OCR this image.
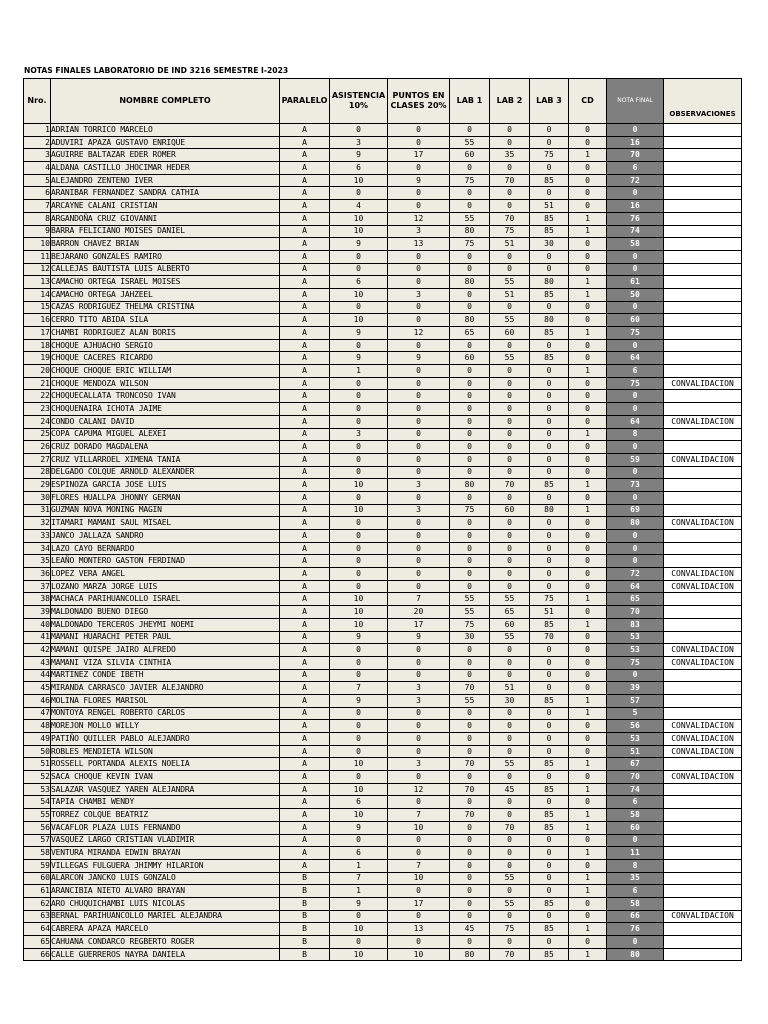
NOTAS FINALES LABORATORIO DE IND 3216 SEMESTRE I-2023
Nro.	NOMBRE COMPLETO	PARALELO	ASISTENCIA 10%	PUNTOS EN CLASES 20%	LAB 1	LAB 2	LAB 3	CD	NOTA FINAL	OBSERVACIONES
1	ADRIAN TORRICO MARCELO	A	0	0	0	0	0	0	0	
2	ADUVIRI APAZA GUSTAVO ENRIQUE	A	3	0	55	0	0	0	16	
3	AGUIRRE BALTAZAR EDER ROMER	A	9	17	60	35	75	1	70	
4	ALDANA CASTILLO JHOCIMAR HEDER	A	6	0	0	0	0	0	6	
5	ALEJANDRO ZENTENO IVER	A	10	9	75	70	85	0	72	
6	ARANIBAR FERNANDEZ SANDRA CATHIA	A	0	0	0	0	0	0	0	
7	ARCAYNE CALANI CRISTIAN	A	4	0	0	0	51	0	16	
8	ARGANDOÑA CRUZ GIOVANNI	A	10	12	55	70	85	1	76	
9	BARRA FELICIANO MOISES DANIEL	A	10	3	80	75	85	1	74	
10	BARRON CHAVEZ BRIAN	A	9	13	75	51	30	0	58	
11	BEJARANO GONZALES RAMIRO	A	0	0	0	0	0	0	0	
12	CALLEJAS BAUTISTA LUIS ALBERTO	A	0	0	0	0	0	0	0	
13	CAMACHO ORTEGA ISRAEL MOISES	A	6	0	80	55	80	1	61	
14	CAMACHO ORTEGA JAHZEEL	A	10	3	0	51	85	1	50	
15	CAZAS RODRIGUEZ THELMA CRISTINA	A	0	0	0	0	0	0	0	
16	CERRO TITO ABIDA SILA	A	10	0	80	55	80	0	60	
17	CHAMBI RODRIGUEZ ALAN BORIS	A	9	12	65	60	85	1	75	
18	CHOQUE AJHUACHO SERGIO	A	0	0	0	0	0	0	0	
19	CHOQUE CACERES RICARDO	A	9	9	60	55	85	0	64	
20	CHOQUE CHOQUE ERIC WILLIAM	A	1	0	0	0	0	1	6	
21	CHOQUE MENDOZA WILSON	A	0	0	0	0	0	0	75	CONVALIDACION
22	CHOQUECALLATA TRONCOSO IVAN	A	0	0	0	0	0	0	0	
23	CHOQUENAIRA ICHOTA JAIME	A	0	0	0	0	0	0	0	
24	CONDO CALANI DAVID	A	0	0	0	0	0	0	64	CONVALIDACION
25	COPA CAPUMA MIGUEL ALEXEI	A	3	0	0	0	0	1	8	
26	CRUZ DORADO MAGDALENA	A	0	0	0	0	0	0	0	
27	CRUZ VILLARROEL XIMENA TANIA	A	0	0	0	0	0	0	59	CONVALIDACION
28	DELGADO COLQUE ARNOLD ALEXANDER	A	0	0	0	0	0	0	0	
29	ESPINOZA GARCIA JOSE LUIS	A	10	3	80	70	85	1	73	
30	FLORES HUALLPA JHONNY GERMAN	A	0	0	0	0	0	0	0	
31	GUZMAN NOVA MONING MAGIN	A	10	3	75	60	80	1	69	
32	ITAMARI MAMANI SAUL MISAEL	A	0	0	0	0	0	0	80	CONVALIDACION
33	JANCO JALLAZA SANDRO	A	0	0	0	0	0	0	0	
34	LAZO CAYO BERNARDO	A	0	0	0	0	0	0	0	
35	LEAÑO MONTERO GASTON FERDINAD	A	0	0	0	0	0	0	0	
36	LOPEZ VERA ANGEL	A	0	0	0	0	0	0	72	CONVALIDACION
37	LOZANO MARZA JORGE LUIS	A	0	0	0	0	0	0	64	CONVALIDACION
38	MACHACA PARIHUANCOLLO ISRAEL	A	10	7	55	55	75	1	65	
39	MALDONADO BUENO DIEGO	A	10	20	55	65	51	0	70	
40	MALDONADO TERCEROS JHEYMI NOEMI	A	10	17	75	60	85	1	83	
41	MAMANI HUARACHI PETER PAUL	A	9	9	30	55	70	0	53	
42	MAMANI QUISPE JAIRO ALFREDO	A	0	0	0	0	0	0	53	CONVALIDACION
43	MAMANI VIZA SILVIA CINTHIA	A	0	0	0	0	0	0	75	CONVALIDACION
44	MARTINEZ CONDE IBETH	A	0	0	0	0	0	0	0	
45	MIRANDA CARRASCO JAVIER ALEJANDRO	A	7	3	70	51	0	0	39	
46	MOLINA FLORES MARISOL	A	9	3	55	30	85	1	57	
47	MONTOYA RENGEL ROBERTO CARLOS	A	0	0	0	0	0	1	5	
48	MOREJON MOLLO WILLY	A	0	0	0	0	0	0	56	CONVALIDACION
49	PATIÑO QUILLER PABLO ALEJANDRO	A	0	0	0	0	0	0	53	CONVALIDACION
50	ROBLES MENDIETA WILSON	A	0	0	0	0	0	0	51	CONVALIDACION
51	ROSSELL PORTANDA ALEXIS NOELIA	A	10	3	70	55	85	1	67	
52	SACA CHOQUE KEVIN IVAN	A	0	0	0	0	0	0	70	CONVALIDACION
53	SALAZAR VASQUEZ YAREN ALEJANDRA	A	10	12	70	45	85	1	74	
54	TAPIA CHAMBI WENDY	A	6	0	0	0	0	0	6	
55	TORREZ COLQUE BEATRIZ	A	10	7	70	0	85	1	58	
56	VACAFLOR PLAZA LUIS FERNANDO	A	9	10	0	70	85	1	60	
57	VASQUEZ LARGO CRISTIAN VLADIMIR	A	0	0	0	0	0	0	0	
58	VENTURA MIRANDA EDWIN BRAYAN	A	6	0	0	0	0	1	11	
59	VILLEGAS FULGUERA JHIMMY HILARION	A	1	7	0	0	0	0	8	
60	ALARCON JANCKO LUIS GONZALO	B	7	10	0	55	0	1	35	
61	ARANCIBIA NIETO ALVARO BRAYAN	B	1	0	0	0	0	1	6	
62	ARO CHUQUICHAMBI LUIS NICOLAS	B	9	17	0	55	85	0	58	
63	BERNAL PARIHUANCOLLO MARIEL ALEJANDRA	B	0	0	0	0	0	0	66	CONVALIDACION
64	CABRERA APAZA MARCELO	B	10	13	45	75	85	1	76	
65	CAHUANA CONDARCO REGBERTO ROGER	B	0	0	0	0	0	0	0	
66	CALLE GUERREROS NAYRA DANIELA	B	10	10	80	70	85	1	80	
